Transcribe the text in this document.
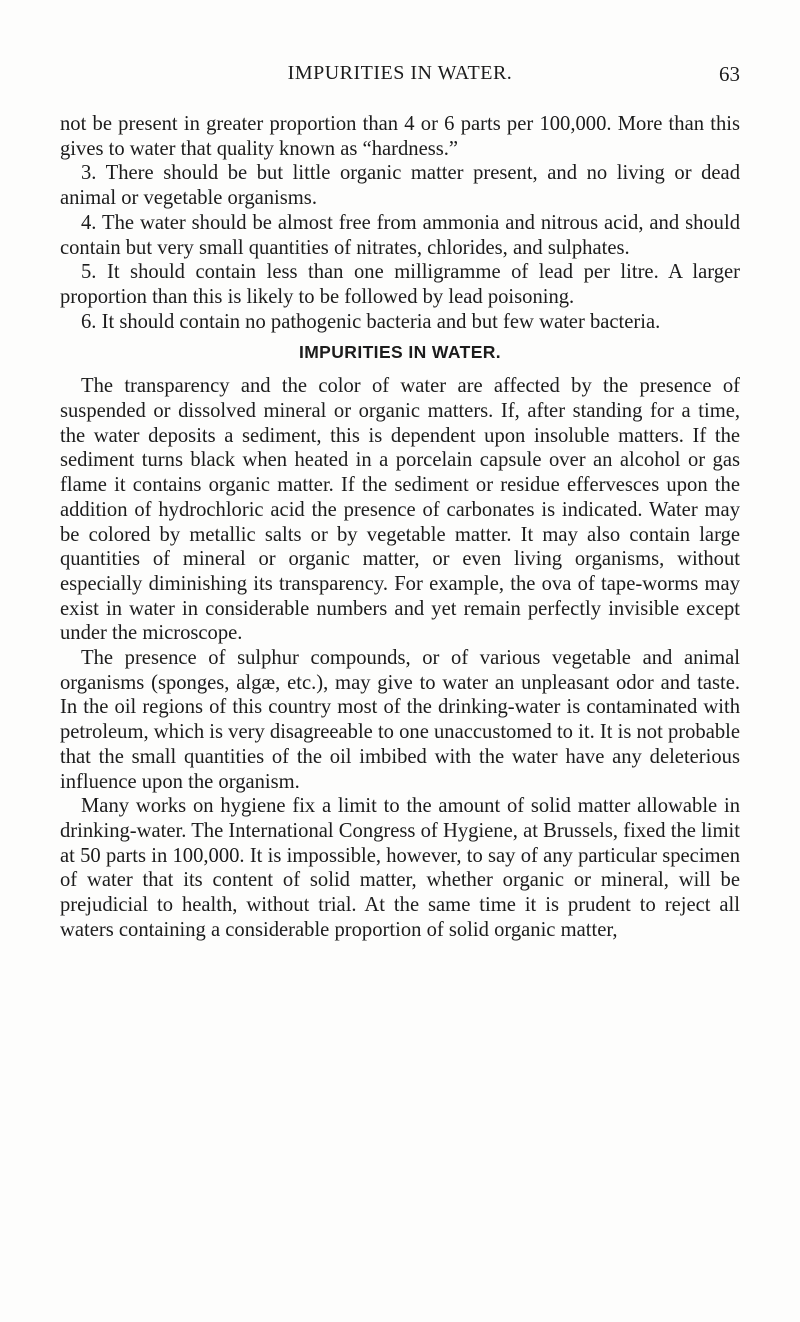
IMPURITIES IN WATER.	63

not be present in greater proportion than 4 or 6 parts per 100,000. More than this gives to water that quality known as “hardness.”

3. There should be but little organic matter present, and no living or dead animal or vegetable organisms.

4. The water should be almost free from ammonia and nitrous acid, and should contain but very small quantities of nitrates, chlorides, and sulphates.

5. It should contain less than one milligramme of lead per litre. A larger proportion than this is likely to be followed by lead poisoning.

6. It should contain no pathogenic bacteria and but few water bacteria.

IMPURITIES IN WATER.

The transparency and the color of water are affected by the presence of suspended or dissolved mineral or organic matters. If, after standing for a time, the water deposits a sediment, this is dependent upon insoluble matters. If the sediment turns black when heated in a porcelain capsule over an alcohol or gas flame it contains organic matter. If the sediment or residue effervesces upon the addition of hydrochloric acid the presence of carbonates is indicated. Water may be colored by metallic salts or by vegetable matter. It may also contain large quantities of mineral or organic matter, or even living organisms, without especially diminishing its transparency. For example, the ova of tape-worms may exist in water in considerable numbers and yet remain perfectly invisible except under the microscope.

The presence of sulphur compounds, or of various vegetable and animal organisms (sponges, algæ, etc.), may give to water an unpleasant odor and taste. In the oil regions of this country most of the drinking-water is contaminated with petroleum, which is very disagreeable to one unaccustomed to it. It is not probable that the small quantities of the oil imbibed with the water have any deleterious influence upon the organism.

Many works on hygiene fix a limit to the amount of solid matter allowable in drinking-water. The International Congress of Hygiene, at Brussels, fixed the limit at 50 parts in 100,000. It is impossible, however, to say of any particular specimen of water that its content of solid matter, whether organic or mineral, will be prejudicial to health, without trial. At the same time it is prudent to reject all waters containing a considerable proportion of solid organic matter,
